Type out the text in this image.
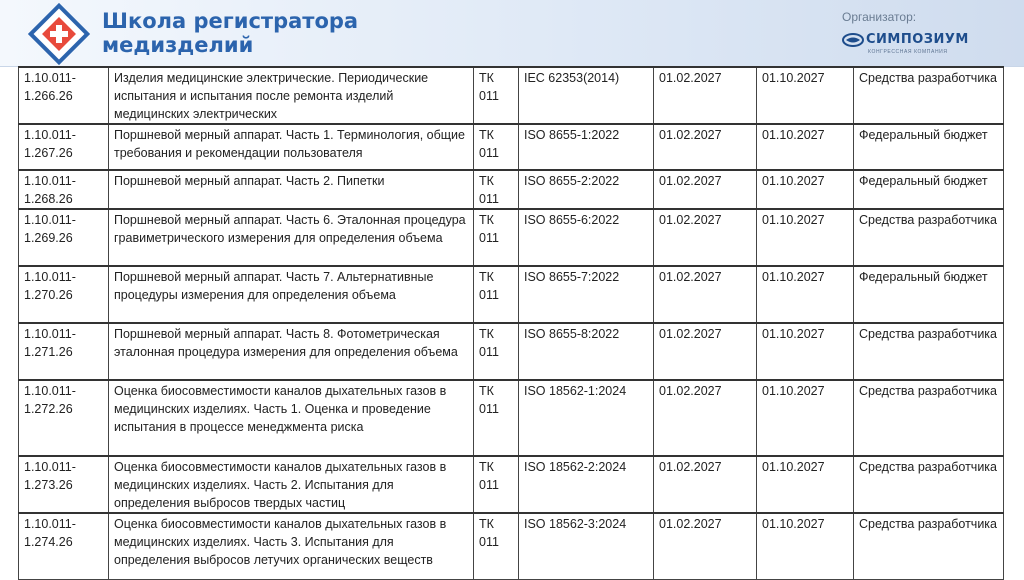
Школа регистратора
медизделий
Организатор:
СИМПОЗИУМ
КОНГРЕССНАЯ КОМПАНИЯ
1.10.011-1.266.26	Изделия медицинские электрические. Периодические испытания и испытания после ремонта изделий медицинских электрических	ТК 011	IEC 62353(2014)	01.02.2027	01.10.2027	Средства разработчика
1.10.011-1.267.26	Поршневой мерный аппарат. Часть 1. Терминология, общие требования и рекомендации пользователя	ТК 011	ISO 8655-1:2022	01.02.2027	01.10.2027	Федеральный бюджет
1.10.011-1.268.26	Поршневой мерный аппарат. Часть 2. Пипетки	ТК 011	ISO 8655-2:2022	01.02.2027	01.10.2027	Федеральный бюджет
1.10.011-1.269.26	Поршневой мерный аппарат. Часть 6. Эталонная процедура гравиметрического измерения для определения объема	ТК 011	ISO 8655-6:2022	01.02.2027	01.10.2027	Средства разработчика
1.10.011-1.270.26	Поршневой мерный аппарат. Часть 7. Альтернативные процедуры измерения для определения объема	ТК 011	ISO 8655-7:2022	01.02.2027	01.10.2027	Федеральный бюджет
1.10.011-1.271.26	Поршневой мерный аппарат. Часть 8. Фотометрическая эталонная процедура измерения для определения объема	ТК 011	ISO 8655-8:2022	01.02.2027	01.10.2027	Средства разработчика
1.10.011-1.272.26	Оценка биосовместимости каналов дыхательных газов в медицинских изделиях. Часть 1. Оценка и проведение испытания в процессе менеджмента риска	ТК 011	ISO 18562-1:2024	01.02.2027	01.10.2027	Средства разработчика
1.10.011-1.273.26	Оценка биосовместимости каналов дыхательных газов в медицинских изделиях. Часть 2. Испытания для определения выбросов твердых частиц	ТК 011	ISO 18562-2:2024	01.02.2027	01.10.2027	Средства разработчика
1.10.011-1.274.26	Оценка биосовместимости каналов дыхательных газов в медицинских изделиях. Часть 3. Испытания для определения выбросов летучих органических веществ	ТК 011	ISO 18562-3:2024	01.02.2027	01.10.2027	Средства разработчика
